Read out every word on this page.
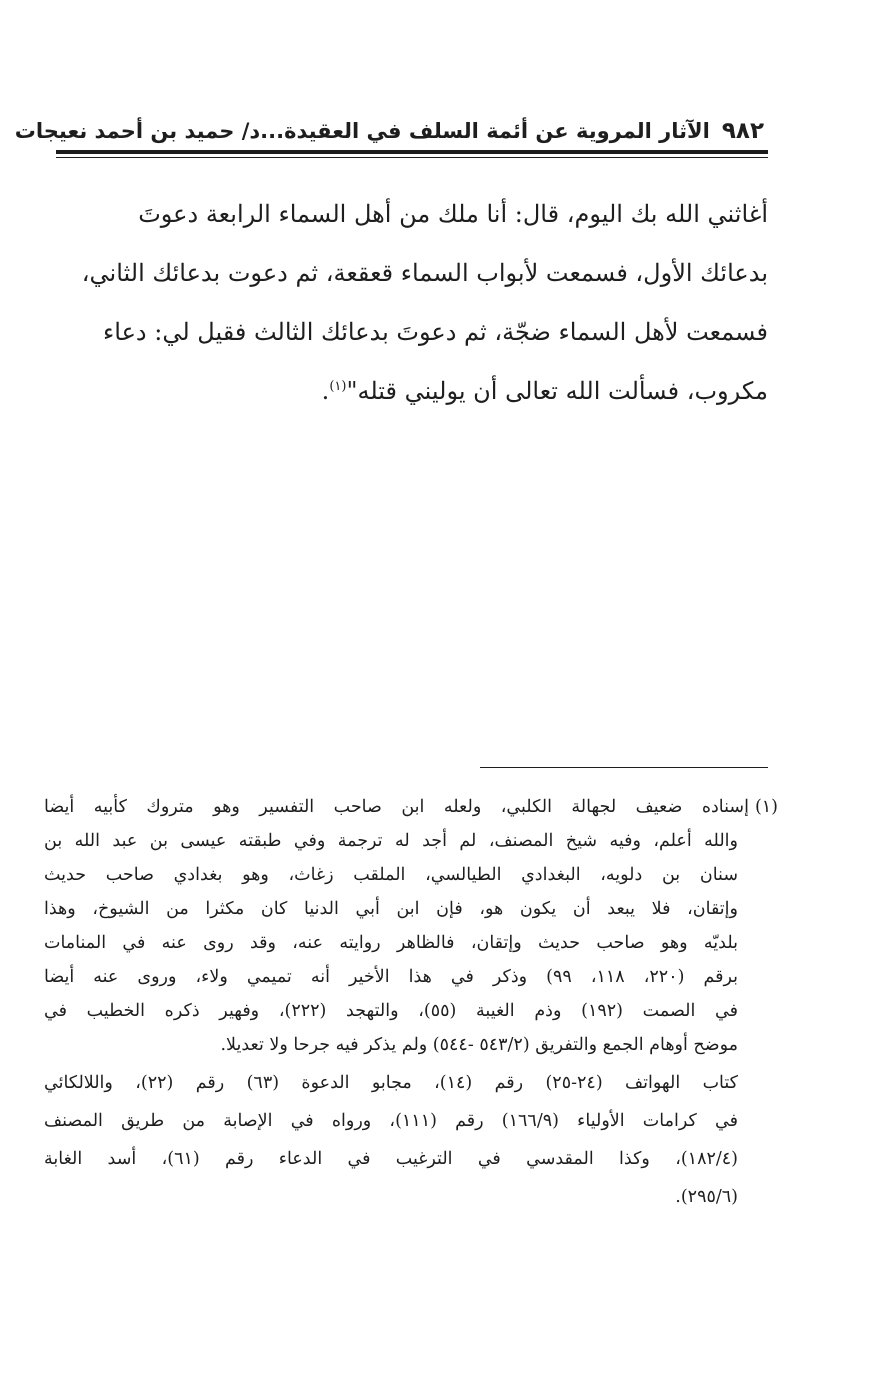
٩٨٢
الآثار المروية عن أئمة السلف في العقيدة...د/ حميد بن أحمد نعيجات

أغاثني الله بك اليوم، قال: أنا ملك من أهل السماء الرابعة دعوتَ

بدعائك الأول، فسمعت لأبواب السماء قعقعة، ثم دعوت بدعائك الثاني،

فسمعت لأهل السماء ضجّة، ثم دعوتَ بدعائك الثالث فقيل لي: دعاء

مكروب، فسألت الله تعالى أن يوليني قتله"$^{(١)}$.

(١)إسناده ضعيف لجهالة الكلبي، ولعله ابن صاحب التفسير وهو متروك كأبيه أيضا
والله أعلم، وفيه شيخ المصنف، لم أجد له ترجمة وفي طبقته عيسى بن عبد الله بن
سنان بن دلويه، البغدادي الطيالسي، الملقب زغاث، وهو بغدادي صاحب حديث
وإتقان، فلا يبعد أن يكون هو، فإن ابن أبي الدنيا كان مكثرا من الشيوخ، وهذا
بلديّه وهو صاحب حديث وإتقان، فالظاهر روايته عنه، وقد روى عنه في المنامات
برقم (٢٢٠، ١١٨، ٩٩) وذكر في هذا الأخير أنه تميمي ولاء، وروى عنه أيضا
في الصمت (١٩٢) وذم الغيبة (٥٥)، والتهجد (٢٢٢)، وفهير ذكره الخطيب في
موضح أوهام الجمع والتفريق (٥٤٣/٢ -٥٤٤) ولم يذكر فيه جرحا ولا تعديلا.
كتاب الهواتف (٢٤-٢٥) رقم (١٤)، مجابو الدعوة (٦٣) رقم (٢٢)، واللالكائي
في كرامات الأولياء (١٦٦/٩) رقم (١١١)، ورواه في الإصابة من طريق المصنف
(١٨٢/٤)، وكذا المقدسي في الترغيب في الدعاء رقم (٦١)، أسد الغابة
(٢٩٥/٦).
